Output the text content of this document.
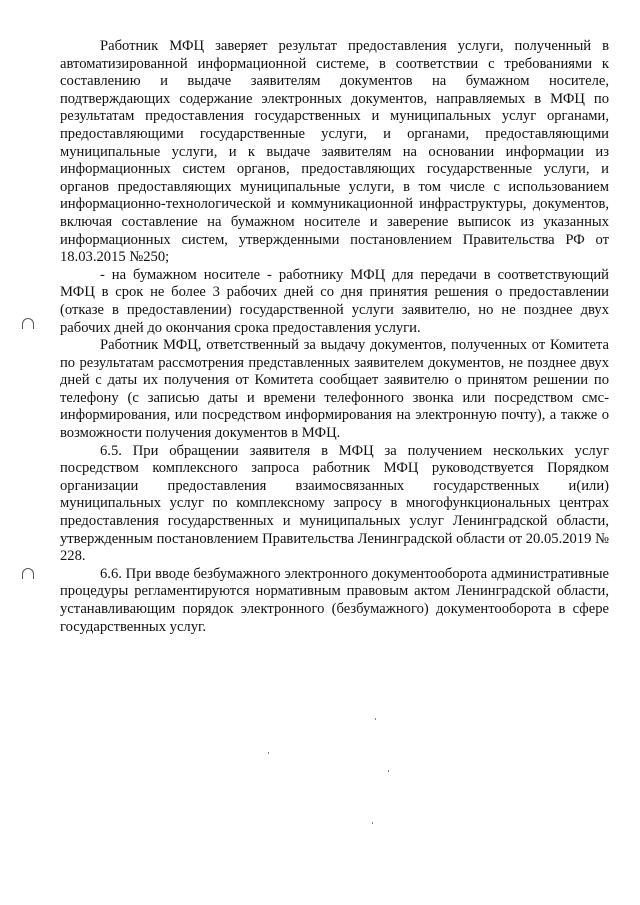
Работник МФЦ заверяет результат предоставления услуги, полученный в автоматизированной информационной системе, в соответствии с требованиями к составлению и выдаче заявителям документов на бумажном носителе, подтверждающих содержание электронных документов, направляемых в МФЦ по результатам предоставления государственных и муниципальных услуг органами, предоставляющими государственные услуги, и органами, предоставляющими муниципальные услуги, и к выдаче заявителям на основании информации из информационных систем органов, предоставляющих государственные услуги, и органов предоставляющих муниципальные услуги, в том числе с использованием информационно-технологической и коммуникационной инфраструктуры, документов, включая составление на бумажном носителе и заверение выписок из указанных информационных систем, утвержденными постановлением Правительства РФ от 18.03.2015 №250;

- на бумажном носителе - работнику МФЦ для передачи в соответствующий МФЦ в срок не более 3 рабочих дней со дня принятия решения о предоставлении (отказе в предоставлении) государственной услуги заявителю, но не позднее двух рабочих дней до окончания срока предоставления услуги.

Работник МФЦ, ответственный за выдачу документов, полученных от Комитета по результатам рассмотрения представленных заявителем документов, не позднее двух дней с даты их получения от Комитета сообщает заявителю о принятом решении по телефону (с записью даты и времени телефонного звонка или посредством смс-информирования, или посредством информирования на электронную почту), а также о возможности получения документов в МФЦ.

6.5. При обращении заявителя в МФЦ за получением нескольких услуг посредством комплексного запроса работник МФЦ руководствуется Порядком организации предоставления взаимосвязанных государственных и(или) муниципальных услуг по комплексному запросу в многофункциональных центрах предоставления государственных и муниципальных услуг Ленинградской области, утвержденным постановлением Правительства Ленинградской области от 20.05.2019 № 228.

6.6. При вводе безбумажного электронного документооборота административные процедуры регламентируются нормативным правовым актом Ленинградской области, устанавливающим порядок электронного (безбумажного) документооборота в сфере государственных услуг.
